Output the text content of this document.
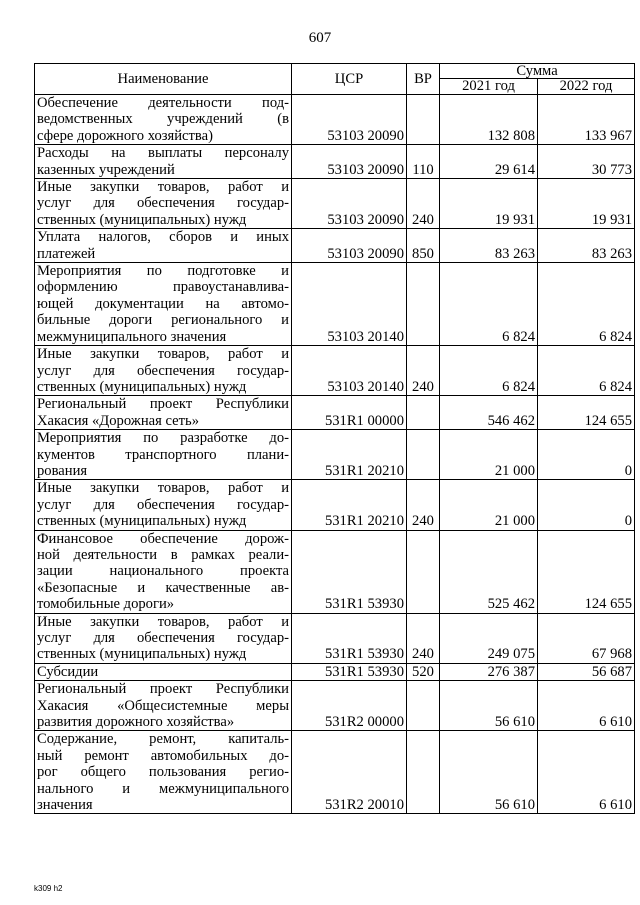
607
Наименование	ЦСР	ВР	Сумма	
			2021 год	2022 год

Обеспечение деятельности под-
ведомственных учреждений (в
сфере дорожного хозяйства)	53103 20090		132 808	133 967

Расходы на выплаты персоналу
казенных учреждений	53103 20090	110	29 614	30 773

Иные закупки товаров, работ и
услуг для обеспечения государ-
ственных (муниципальных) нужд	53103 20090	240	19 931	19 931

Уплата налогов, сборов и иных
платежей	53103 20090	850	83 263	83 263

Мероприятия по подготовке и
оформлению правоустанавлива-
ющей документации на автомо-
бильные дороги регионального и
межмуниципального значения	53103 20140		6 824	6 824

Иные закупки товаров, работ и
услуг для обеспечения государ-
ственных (муниципальных) нужд	53103 20140	240	6 824	6 824

Региональный проект Республики
Хакасия «Дорожная сеть»	531R1 00000		546 462	124 655

Мероприятия по разработке до-
кументов транспортного плани-
рования	531R1 20210		21 000	0

Иные закупки товаров, работ и
услуг для обеспечения государ-
ственных (муниципальных) нужд	531R1 20210	240	21 000	0

Финансовое обеспечение дорож-
ной деятельности в рамках реали-
зации национального проекта
«Безопасные и качественные ав-
томобильные дороги»	531R1 53930		525 462	124 655

Иные закупки товаров, работ и
услуг для обеспечения государ-
ственных (муниципальных) нужд	531R1 53930	240	249 075	67 968

Субсидии	531R1 53930	520	276 387	56 687

Региональный проект Республики
Хакасия «Общесистемные меры
развития дорожного хозяйства»	531R2 00000		56 610	6 610

Содержание, ремонт, капиталь-
ный ремонт автомобильных до-
рог общего пользования регио-
нального и межмуниципального
значения	531R2 20010		56 610	6 610
k309 h2
